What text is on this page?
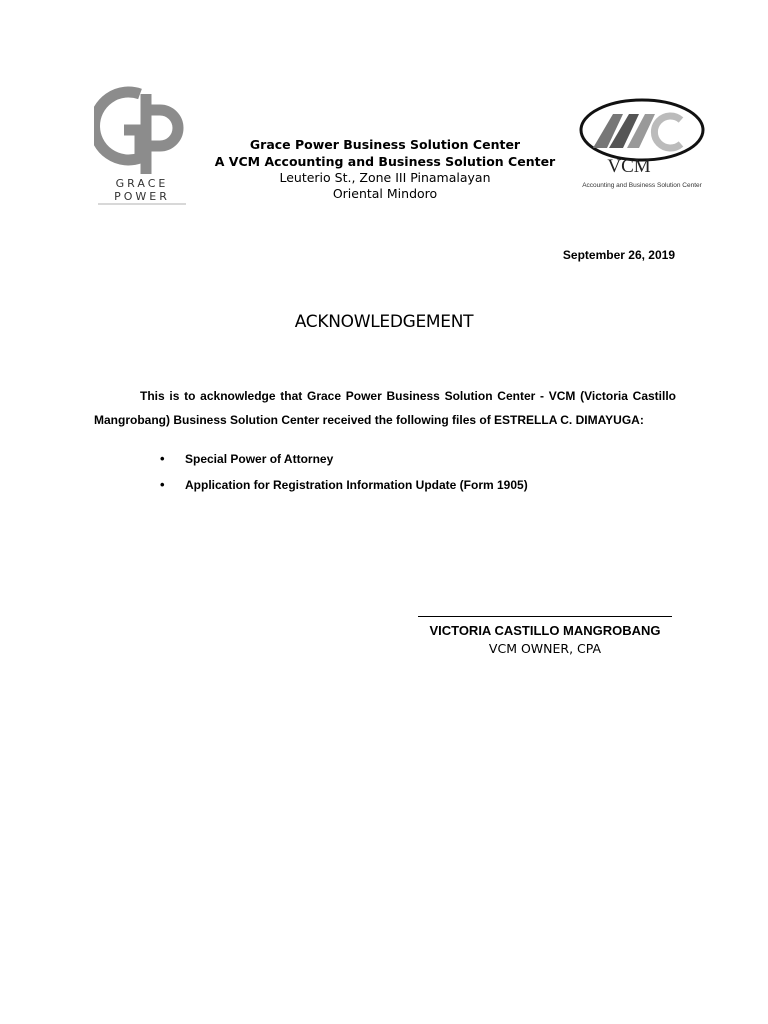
GRACE
POWER
VCM
Accounting and Business Solution Center
Grace Power Business Solution Center
A VCM Accounting and Business Solution Center
Leuterio St., Zone III Pinamalayan
Oriental Mindoro
September 26, 2019
ACKNOWLEDGEMENT
This is to acknowledge that Grace Power Business Solution Center - VCM (Victoria Castillo Mangrobang) Business Solution Center received the following files of ESTRELLA C. DIMAYUGA:
• Special Power of Attorney
• Application for Registration Information Update (Form 1905)
VICTORIA CASTILLO MANGROBANG
VCM OWNER, CPA
